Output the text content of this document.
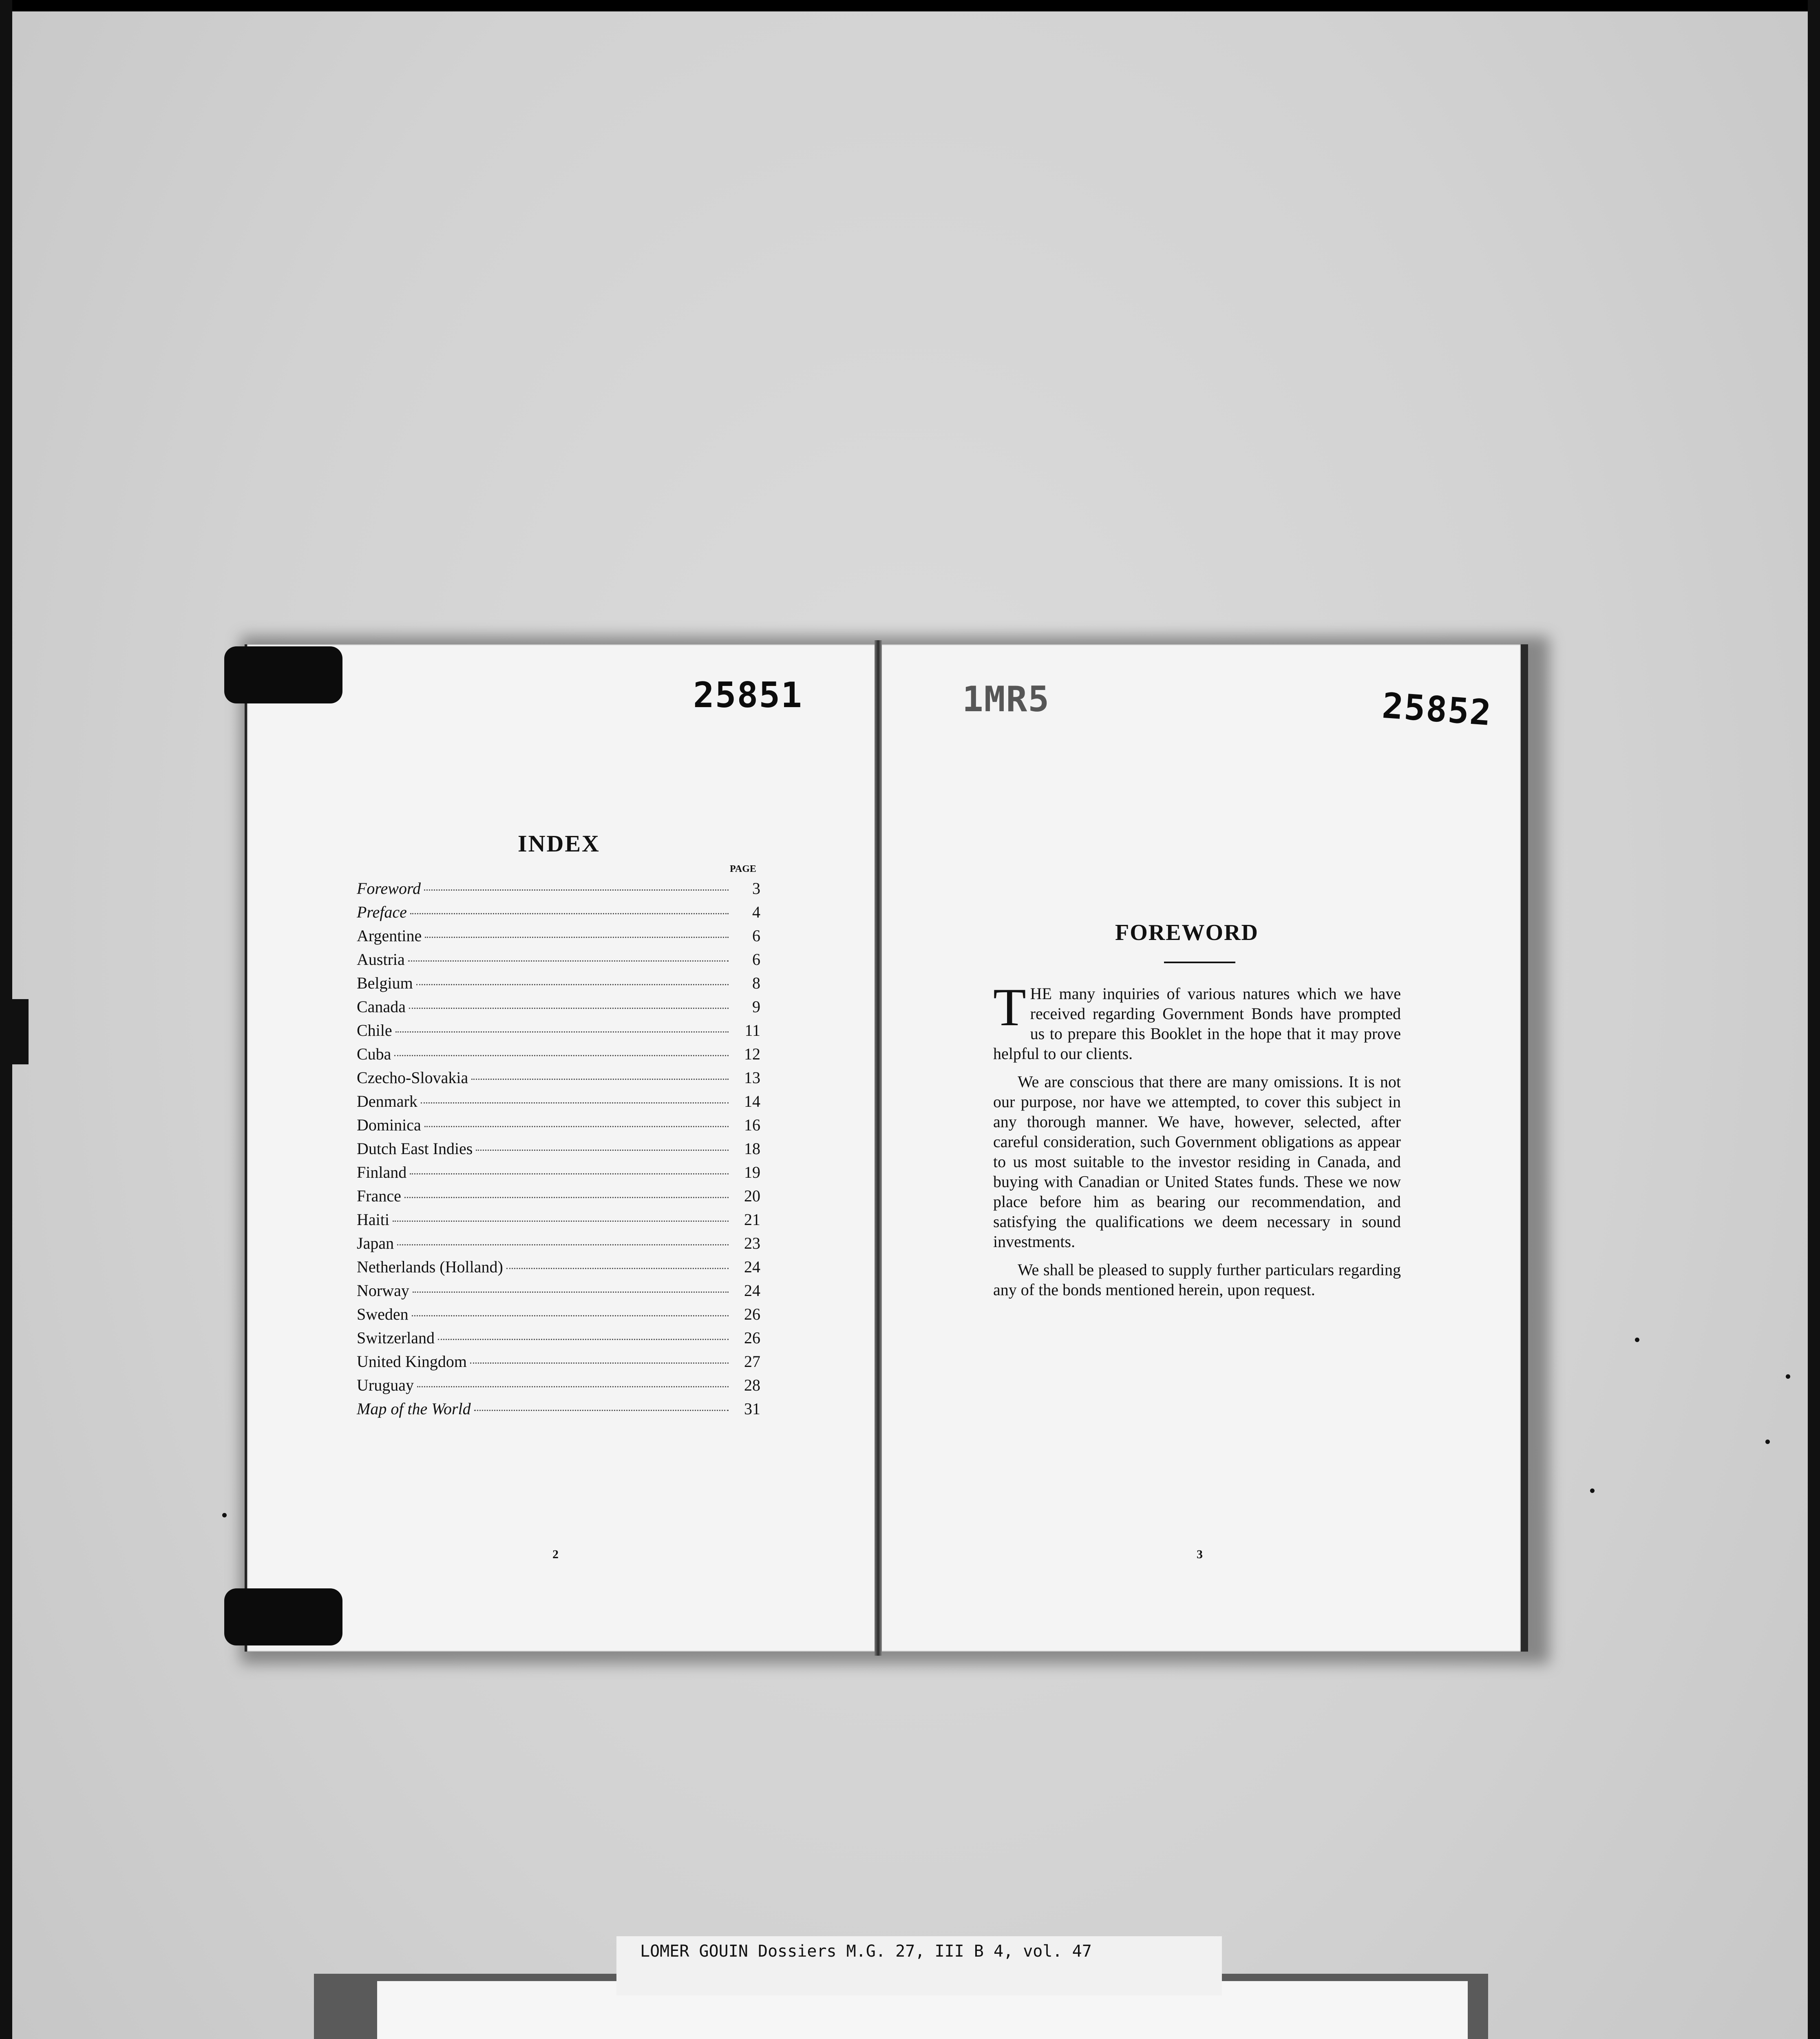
25851	25852
1MR5
INDEX
PAGE
Foreword	3
Preface	4
Argentine	6
Austria	6
Belgium	8
Canada	9
Chile	11
Cuba	12
Czecho-Slovakia	13
Denmark	14
Dominica	16
Dutch East Indies	18
Finland	19
France	20
Haiti	21
Japan	23
Netherlands (Holland)	24
Norway	24
Sweden	26
Switzerland	26
United Kingdom	27
Uruguay	28
Map of the World	31
2
FOREWORD

THE many inquiries of various natures which we have received regarding Government Bonds have prompted us to prepare this Booklet in the hope that it may prove helpful to our clients.

We are conscious that there are many omissions. It is not our purpose, nor have we attempted, to cover this subject in any thorough manner. We have, however, selected, after careful consideration, such Government obligations as appear to us most suitable to the investor residing in Canada, and buying with Canadian or United States funds. These we now place before him as bearing our recommendation, and satisfying the qualifications we deem necessary in sound investments.

We shall be pleased to supply further particulars regarding any of the bonds mentioned herein, upon request.

3
LOMER GOUIN Dossiers M.G. 27, III B 4, vol. 47
